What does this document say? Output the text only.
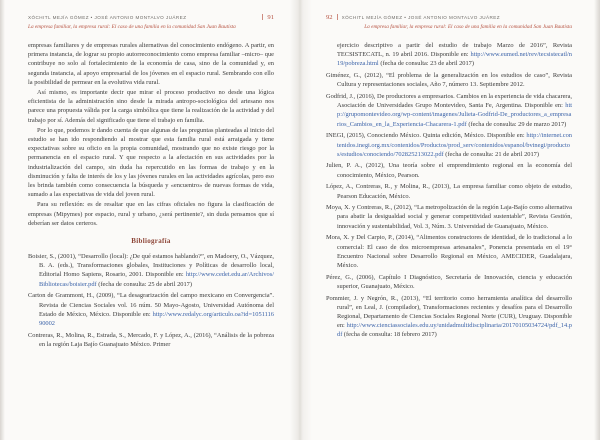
XÓCHITL MEJÍA GÓMEZ • JOSÉ ANTONIO MONTALVO JUÁREZ	91
La empresa familiar, la empresa rural: El caso de una familia en la comunidad San Juan Bautista

empresas familiares y de empresas rurales alternativas del conocimiento endógeno. A partir, en primera instancia, de lograr su propio autorreconocimiento como empresa familiar –micro– que contribuye no solo al fortalecimiento de la economía de casa, sino de la comunidad y, en segunda instancia, al apoyo empresarial de los jóvenes en el espacio rural. Sembrando con ello la posibilidad de permear en la evolutiva vida rural.

Así mismo, es importante decir que mirar el proceso productivo no desde una lógica eficientista de la administración sino desde la mirada antropo-sociológica del artesano nos parece una propuesta válida por la carga simbólica que tiene la realización de la actividad y del trabajo por sí. Además del significado que tiene el trabajo en familia.

Por lo que, podemos ir dando cuenta de que algunas de las preguntas planteadas al inicio del estudio se han ido respondiendo al mostrar que esta familia rural está arraigada y tiene expectativas sobre su oficio en la propia comunidad, mostrando que no existe riesgo por la permanencia en el espacio rural. Y que respecto a la afectación en sus actividades por la industrialización del campo, sin duda ha repercutido en las formas de trabajo y en la disminución y falta de interés de los y las jóvenes rurales en las actividades agrícolas, pero eso les brinda también como consecuencia la búsqueda y «encuentro» de nuevas formas de vida, sumado a las expectativas de vida del joven rural.

Para su reflexión: es de resaltar que en las cifras oficiales no figura la clasificación de empresas (Mipymes) por espacio, rural y urbano, ¿será pertinente?, sin duda pensamos que sí deberían ser datos certeros.

Bibliografía

Boisier, S., (2001), “Desarrollo (local): ¿De qué estamos hablando?”, en Madoery, O., Vázquez, B. A. (eds.), Transformaciones globales, Instituciones y Políticas de desarrollo local, Editorial Homo Sapiens, Rosario, 2001. Disponible en: http://www.cedet.edu.ar/Archivos/Bibliotecas/boisier.pdf (fecha de consulta: 25 de abril 2017)

Carton de Grammont, H., (2009), “La desagrarización del campo mexicano en Convergencia”. Revista de Ciencias Sociales vol. 16 núm. 50 Mayo-Agosto, Universidad Autónoma del Estado de México, México. Disponible en: http://www.redalyc.org/articulo.oa?id=105111690002

Contreras, R., Molina, R., Estrada, S., Mercado, F. y López, A., (2016), “Análisis de la pobreza en la región Laja Bajío Guanajuato México. Primer

92 XÓCHITL MEJÍA GÓMEZ • JOSÉ ANTONIO MONTALVO JUÁREZ
La empresa familiar, la empresa rural: El caso de una familia en la comunidad San Juan Bautista

ejercicio descriptivo a partir del estudio de trabajo Marzo de 2016”, Revista TECSISTECATL, n. 19 abril 2016. Disponible en: http://www.eumed.net/rev/tecsistecatl/n19/pobreza.html (fecha de consulta: 23 de abril 2017)

Giménez, G., (2012), “El problema de la generalización en los estudios de caso”, Revista Cultura y representaciones sociales, Año 7, número 13. Septiembre 2012.

Godfrid, J., (2016), De productores a empresarios. Cambios en la experiencia de vida chacarera, Asociación de Universidades Grupo Montevideo, Santa Fe, Argentina. Disponible en: http://grupomontevideo.org/wp-content/imagenes/Julieta-Godfrid-De_productores_a_empresarios_Cambios_en_la_Experiencia-Chacarera-1.pdf (fecha de consulta: 29 de marzo 2017)

INEGI, (2015), Conociendo México. Quinta edición, México. Disponible en: http://internet.contenidos.inegi.org.mx/contenidos/Productos/prod_serv/contenidos/espanol/bvinegi/productos/estudios/conociendo/702825213022.pdf (fecha de consulta: 21 de abril 2017)

Julien, P. A., (2012), Una teoría sobre el emprendimiento regional en la economía del conocimiento, México, Pearson.

López, A., Contreras, R., y Molina, R., (2013), La empresa familiar como objeto de estudio, Pearson Educación, México.

Moya, X. y Contreras, R., (2012), “La metropolización de la región Laja-Bajío como alternativa para abatir la desigualdad social y generar competitividad sustentable”, Revista Gestión, innovación y sustentabilidad, Vol. 3, Núm. 3. Universidad de Guanajuato, México.

Mora, X. y Del Carpio, P., (2014), “Alimentos constructores de identidad, de lo tradicional a lo comercial: El caso de dos microempresas artesanales”, Ponencia presentada en el 19° Encuentro Nacional sobre Desarrollo Regional en México, AMECIDER, Guadalajara, México.

Pérez, G., (2006), Capítulo I Diagnóstico, Secretaría de Innovación, ciencia y educación superior, Guanajuato, México.

Pommier, J. y Negrón, R., (2013), “El territorio como herramienta analítica del desarrollo rural”, en Leal, J. (compilador), Transformaciones recientes y desafíos para el Desarrollo Regional, Departamento de Ciencias Sociales Regional Norte (CUR), Uruguay. Disponible en: http://www.cienciassociales.edu.uy/unidadmultidisciplinaria/20170105034724/pdf_14.pdf (fecha de consulta: 18 febrero 2017)
